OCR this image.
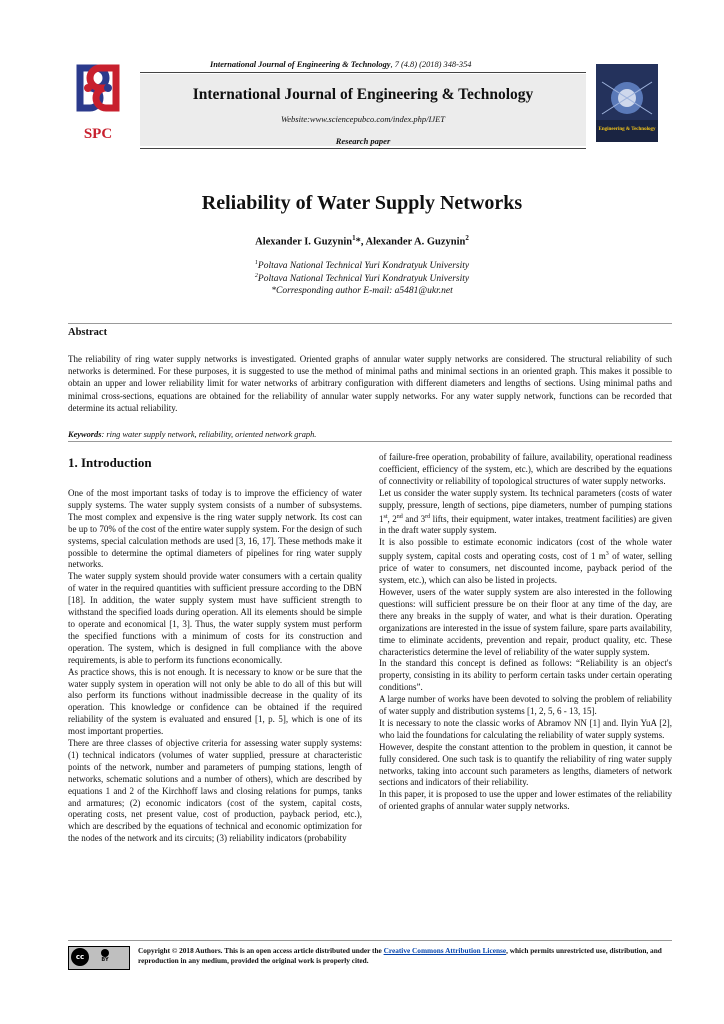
International Journal of Engineering & Technology, 7 (4.8) (2018) 348-354
SPC
International Journal of Engineering & Technology
Website:www.sciencepubco.com/index.php/IJET
Research paper
Engineering & Technology
Reliability of Water Supply Networks
Alexander I. Guzynin$^1$*, Alexander A. Guzynin$^2$
$^1$Poltava National Technical Yuri Kondratyuk University
$^2$Poltava National Technical Yuri Kondratyuk University
*Corresponding author E-mail: a5481@ukr.net
Abstract
The reliability of ring water supply networks is investigated. Oriented graphs of annular water supply networks are considered. The structural reliability of such networks is determined. For these purposes, it is suggested to use the method of minimal paths and minimal sections in an oriented graph. This makes it possible to obtain an upper and lower reliability limit for water networks of arbitrary configuration with different diameters and lengths of sections. Using minimal paths and minimal cross-sections, equations are obtained for the reliability of annular water supply networks. For any water supply network, functions can be recorded that determine its actual reliability.
Keywords: ring water supply network, reliability, oriented network graph.
1. Introduction

One of the most important tasks of today is to improve the efficiency of water supply systems. The water supply system consists of a number of subsystems. The most complex and expensive is the ring water supply network. Its cost can be up to 70% of the cost of the entire water supply system. For the design of such systems, special calculation methods are used [3, 16, 17]. These methods make it possible to determine the optimal diameters of pipelines for ring water supply networks.

The water supply system should provide water consumers with a certain quality of water in the required quantities with sufficient pressure according to the DBN [18]. In addition, the water supply system must have sufficient strength to withstand the specified loads during operation. All its elements should be simple to operate and economical [1, 3]. Thus, the water supply system must perform the specified functions with a minimum of costs for its construction and operation. The system, which is designed in full compliance with the above requirements, is able to perform its functions economically.

As practice shows, this is not enough. It is necessary to know or be sure that the water supply system in operation will not only be able to do all of this but will also perform its functions without inadmissible decrease in the quality of its operation. This knowledge or confidence can be obtained if the required reliability of the system is evaluated and ensured [1, p. 5], which is one of its most important properties.

There are three classes of objective criteria for assessing water supply systems: (1) technical indicators (volumes of water supplied, pressure at characteristic points of the network, number and parameters of pumping stations, length of networks, schematic solutions and a number of others), which are described by equations 1 and 2 of the Kirchhoff laws and closing relations for pumps, tanks and armatures; (2) economic indicators (cost of the system, capital costs, operating costs, net present value, cost of production, payback period, etc.), which are described by the equations of technical and economic optimization for the nodes of the network and its circuits; (3) reliability indicators (probability

of failure-free operation, probability of failure, availability, operational readiness coefficient, efficiency of the system, etc.), which are described by the equations of connectivity or reliability of topological structures of water supply networks.

Let us consider the water supply system. Its technical parameters (costs of water supply, pressure, length of sections, pipe diameters, number of pumping stations 1st, 2nd and 3rd lifts, their equipment, water intakes, treatment facilities) are given in the draft water supply system.

It is also possible to estimate economic indicators (cost of the whole water supply system, capital costs and operating costs, cost of 1 $m^3$ of water, selling price of water to consumers, net discounted income, payback period of the system, etc.), which can also be listed in projects.

However, users of the water supply system are also interested in the following questions: will sufficient pressure be on their floor at any time of the day, are there any breaks in the supply of water, and what is their duration. Operating organizations are interested in the issue of system failure, spare parts availability, time to eliminate accidents, prevention and repair, product quality, etc. These characteristics determine the level of reliability of the water supply system.

In the standard this concept is defined as follows: “Reliability is an object's property, consisting in its ability to perform certain tasks under certain operating conditions”.

A large number of works have been devoted to solving the problem of reliability of water supply and distribution systems [1, 2, 5, 6 - 13, 15].

It is necessary to note the classic works of Abramov NN [1] and. Ilyin YuA [2], who laid the foundations for calculating the reliability of water supply systems.

However, despite the constant attention to the problem in question, it cannot be fully considered. One such task is to quantify the reliability of ring water supply networks, taking into account such parameters as lengths, diameters of network sections and indicators of their reliability.

In this paper, it is proposed to use the upper and lower estimates of the reliability of oriented graphs of annular water supply networks.

cc	BY
Copyright © 2018 Authors. This is an open access article distributed under the Creative Commons Attribution License, which permits unrestricted use, distribution, and reproduction in any medium, provided the original work is properly cited.
